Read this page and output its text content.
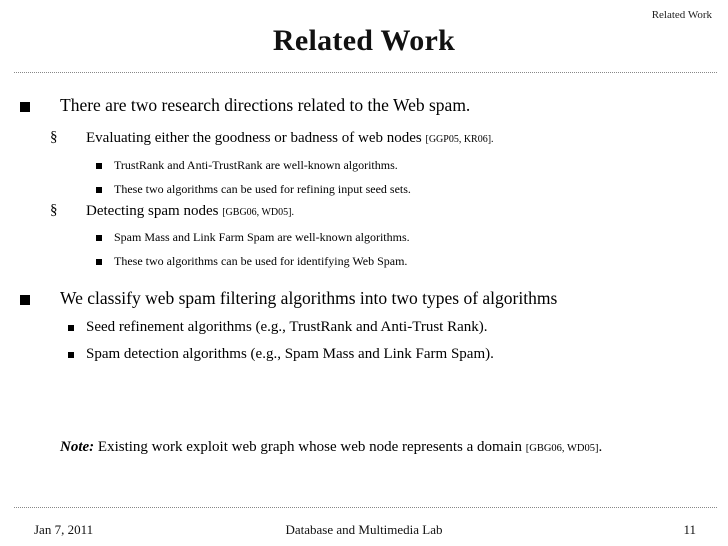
Related Work
Related Work
There are two research directions related to the Web spam.
§ Evaluating either the goodness or badness of web nodes [GGP05, KR06].
TrustRank and Anti-TrustRank are well-known algorithms.
These two algorithms can be used for refining input seed sets.
§ Detecting spam nodes [GBG06, WD05].
Spam Mass and Link Farm Spam are well-known algorithms.
These two algorithms can be used for identifying Web Spam.
We classify web spam filtering algorithms into two types of algorithms
Seed refinement algorithms (e.g., TrustRank and Anti-Trust Rank).
Spam detection algorithms (e.g., Spam Mass and Link Farm Spam).
Note: Existing work exploit web graph whose web node represents a domain [GBG06, WD05].
Jan 7, 2011	Database and Multimedia Lab	11
